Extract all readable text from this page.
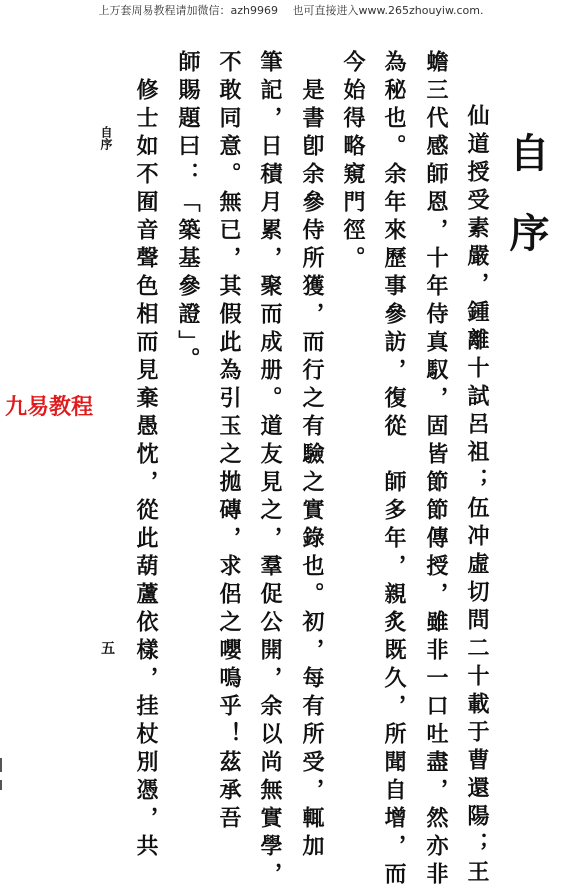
上万套周易教程请加微信：azh9969　 也可直接进入www.265zhouyiw.com.
自序
仙道授受素嚴，鍾離十試呂祖；伍冲虛切問二十載于曹還陽；王
蟾三代感師恩，十年侍真馭，固皆節節傳授，雖非一口吐盡，然亦非
為秘也。余年來歷事參訪，復從　師多年，親炙既久，所聞自增，而
今始得略窺門徑。
是書卽余參侍所獲，而行之有驗之實錄也。初，每有所受，輒加
筆記，日積月累，聚而成册。道友見之，羣促公開，余以尚無實學，
不敢同意。無已，其假此為引玉之拋磚，求侶之嚶鳴乎！茲承吾
師賜題曰：「築基參證」。
修士如不囿音聲色相而見棄愚忱，從此葫蘆依樣，挂杖別憑，共
自序
五
九易教程
